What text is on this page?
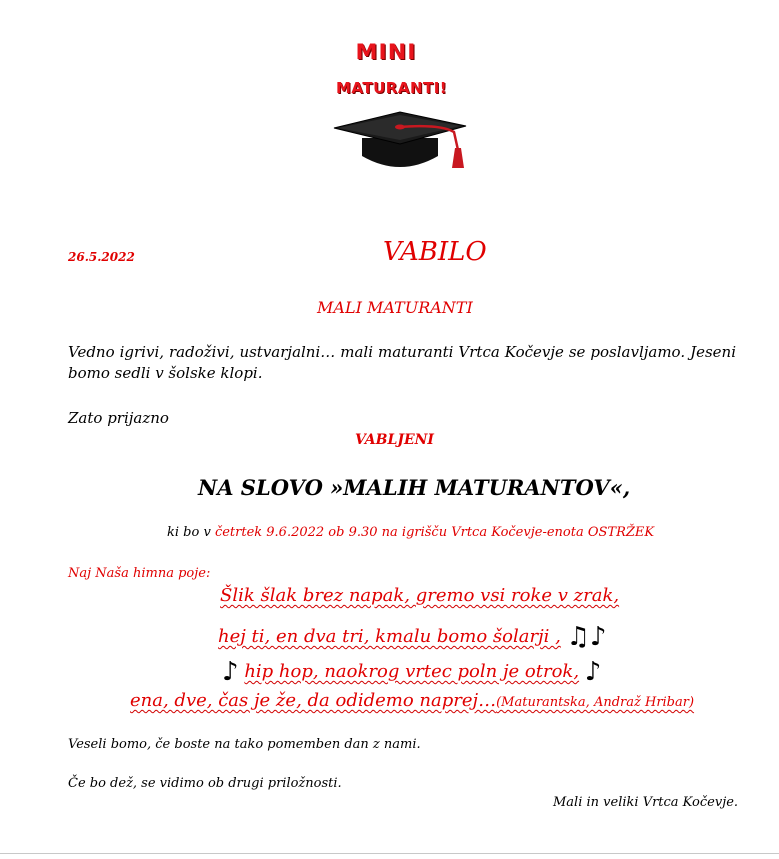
MINI
MATURANTI!
26.5.2022	VABILO
MALI MATURANTI
Vedno igrivi, radoživi, ustvarjalni… mali maturanti Vrtca Kočevje se poslavljamo. Jeseni
bomo sedli v šolske klopi.
Zato prijazno
VABLJENI
NA SLOVO »MALIH MATURANTOV«,
ki bo v četrtek 9.6.2022 ob 9.30 na igrišču Vrtca Kočevje-enota OSTRŽEK
Naj Naša himna poje:
Šlik šlak brez napak, gremo vsi roke v zrak,
hej ti, en dva tri, kmalu bomo šolarji , ♫♪
♪ hip hop, naokrog vrtec poln je otrok, ♪
ena, dve, čas je že, da odidemo naprej…(Maturantska, Andraž Hribar)
Veseli bomo, če boste na tako pomemben dan z nami.
Če bo dež, se vidimo ob drugi priložnosti.
Mali in veliki Vrtca Kočevje.
